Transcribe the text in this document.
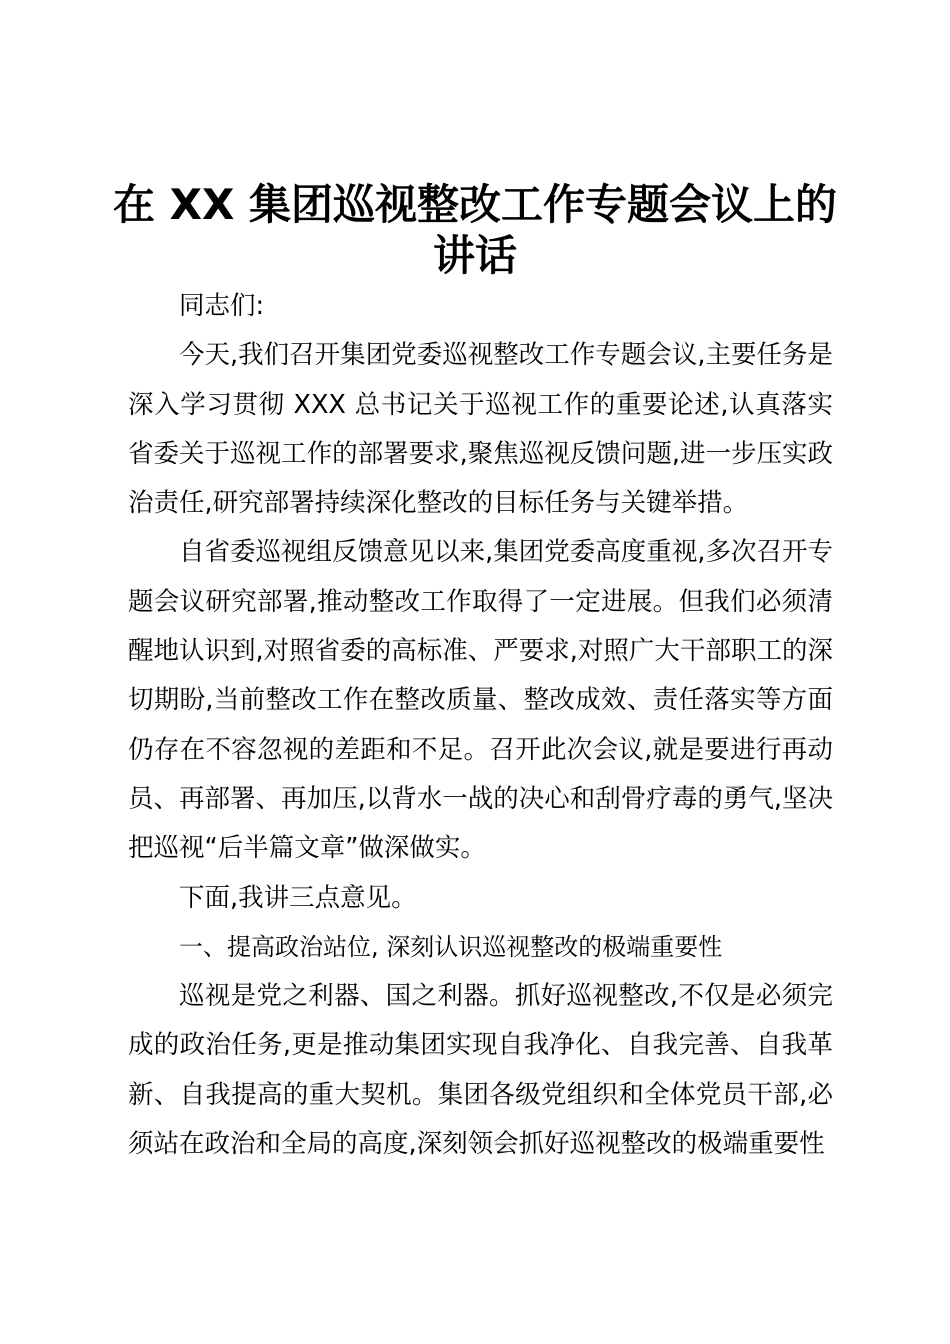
在 XX 集团巡视整改工作专题会议上的
讲话

同志们:

今天,我们召开集团党委巡视整改工作专题会议,主要任务是深入学习贯彻 XXX 总书记关于巡视工作的重要论述,认真落实省委关于巡视工作的部署要求,聚焦巡视反馈问题,进一步压实政治责任,研究部署持续深化整改的目标任务与关键举措。

自省委巡视组反馈意见以来,集团党委高度重视,多次召开专题会议研究部署,推动整改工作取得了一定进展。但我们必须清醒地认识到,对照省委的高标准、严要求,对照广大干部职工的深切期盼,当前整改工作在整改质量、整改成效、责任落实等方面仍存在不容忽视的差距和不足。召开此次会议,就是要进行再动员、再部署、再加压,以背水一战的决心和刮骨疗毒的勇气,坚决把巡视“后半篇文章”做深做实。

下面,我讲三点意见。

一、提高政治站位, 深刻认识巡视整改的极端重要性

巡视是党之利器、国之利器。抓好巡视整改,不仅是必须完成的政治任务,更是推动集团实现自我净化、自我完善、自我革新、自我提高的重大契机。集团各级党组织和全体党员干部,必须站在政治和全局的高度,深刻领会抓好巡视整改的极端重要性
